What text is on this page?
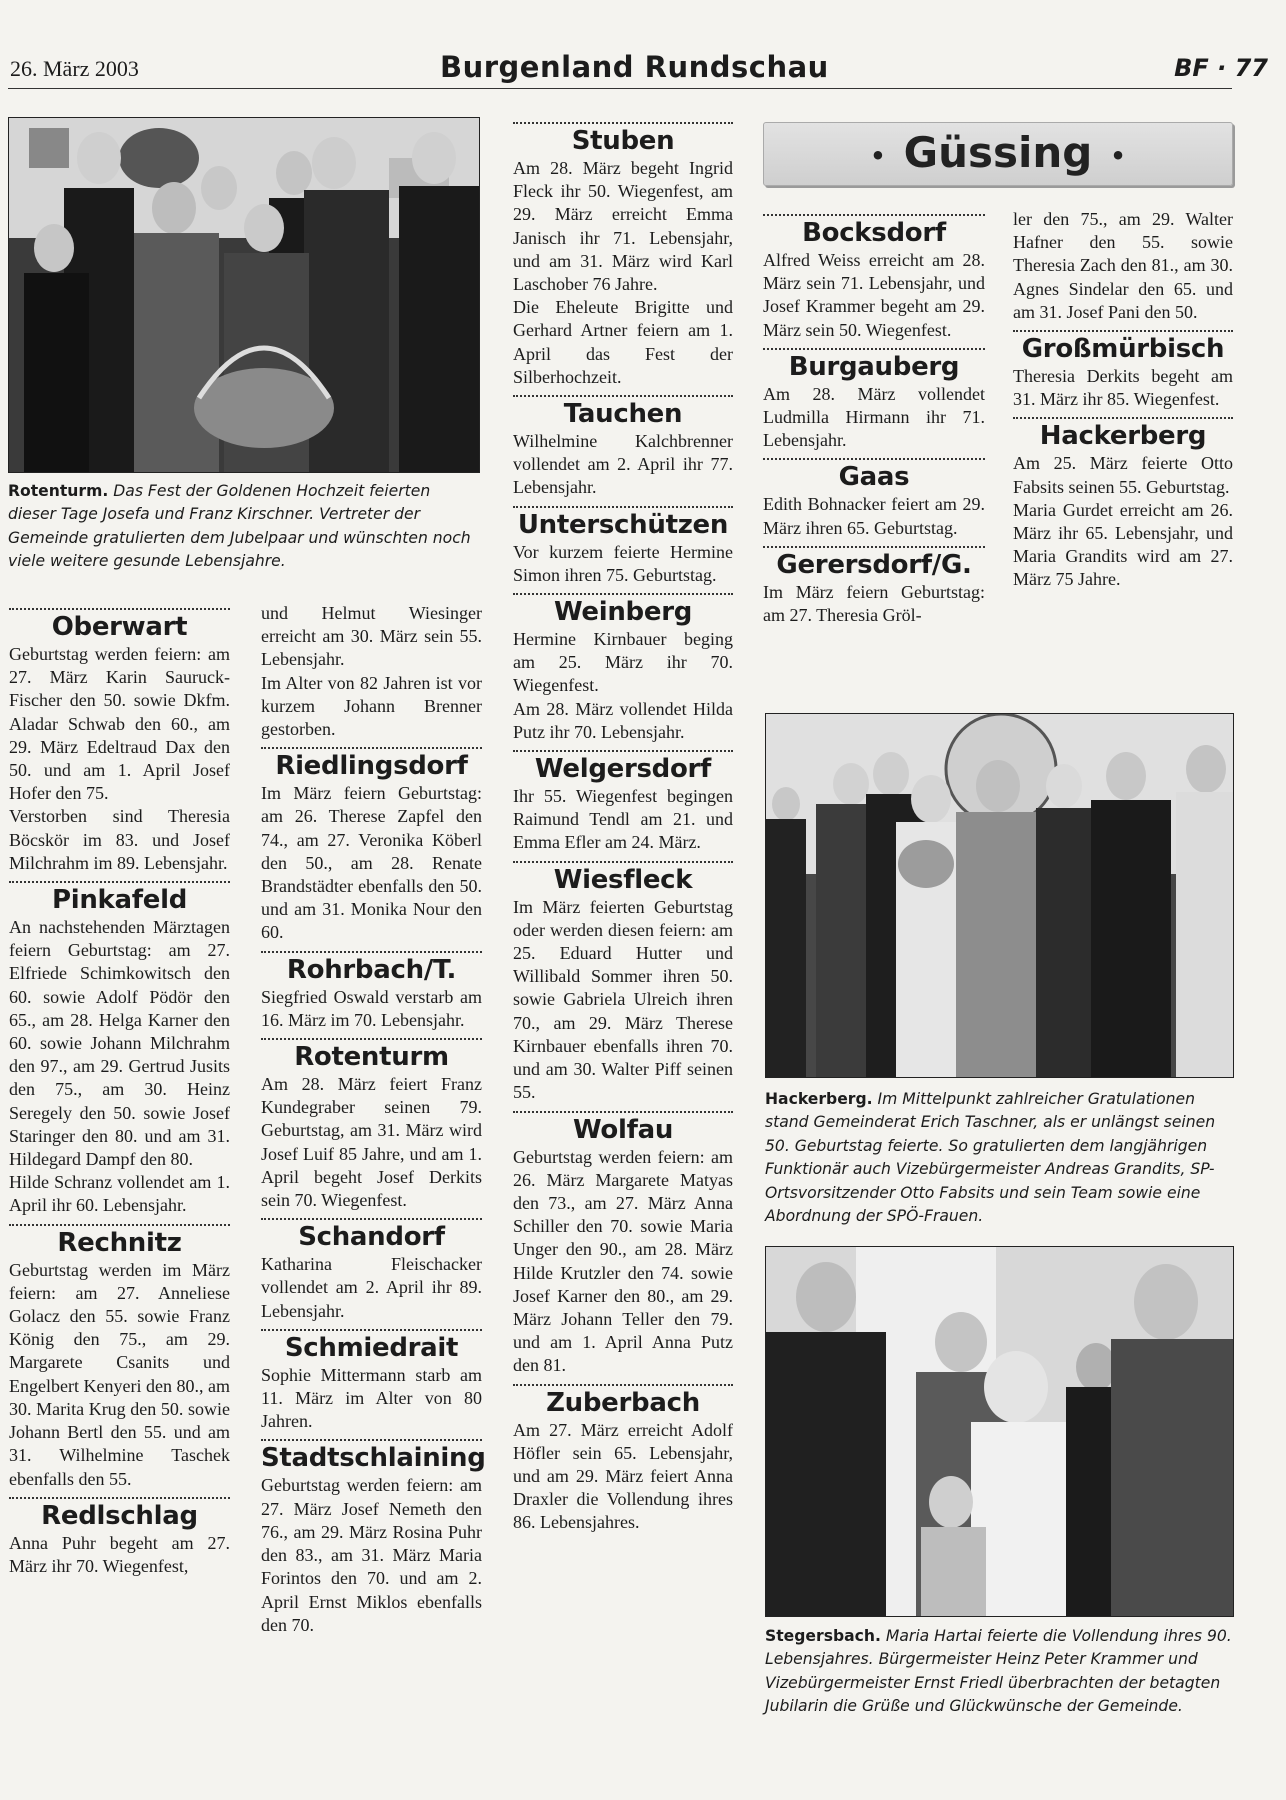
26. März 2003	Burgenland Rundschau	BF · 77
Rotenturm. Das Fest der Goldenen Hochzeit feierten dieser Tage Josefa und Franz Kirschner. Vertreter der Gemeinde gratulierten dem Jubelpaar und wünschten noch viele weitere gesunde Lebensjahre.
• Güssing •
Hackerberg. Im Mittelpunkt zahlreicher Gratulationen stand Gemeinderat Erich Taschner, als er unlängst seinen 50. Geburtstag feierte. So gratulierten dem langjährigen Funktionär auch Vizebürgermeister Andreas Grandits, SP-Ortsvorsitzender Otto Fabsits und sein Team sowie eine Abordnung der SPÖ-Frauen.
Stegersbach. Maria Hartai feierte die Vollendung ihres 90. Lebensjahres. Bürgermeister Heinz Peter Krammer und Vizebürgermeister Ernst Friedl überbrachten der betagten Jubilarin die Grüße und Glückwünsche der Gemeinde.
Oberwart
Geburtstag werden feiern: am 27. März Karin Sauruck-Fischer den 50. sowie Dkfm. Aladar Schwab den 60., am 29. März Edeltraud Dax den 50. und am 1. April Josef Hofer den 75.
Verstorben sind Theresia Böcskör im 83. und Josef Milchrahm im 89. Lebensjahr.
Pinkafeld
An nachstehenden Märztagen feiern Geburtstag: am 27. Elfriede Schimkowitsch den 60. sowie Adolf Pödör den 65., am 28. Helga Karner den 60. sowie Johann Milchrahm den 97., am 29. Gertrud Jusits den 75., am 30. Heinz Seregely den 50. sowie Josef Staringer den 80. und am 31. Hildegard Dampf den 80.
Hilde Schranz vollendet am 1. April ihr 60. Lebensjahr.
Rechnitz
Geburtstag werden im März feiern: am 27. Anneliese Golacz den 55. sowie Franz König den 75., am 29. Margarete Csanits und Engelbert Kenyeri den 80., am 30. Marita Krug den 50. sowie Johann Bertl den 55. und am 31. Wilhelmine Taschek ebenfalls den 55.
Redlschlag
Anna Puhr begeht am 27. März ihr 70. Wiegenfest,
und Helmut Wiesinger erreicht am 30. März sein 55. Lebensjahr.
Im Alter von 82 Jahren ist vor kurzem Johann Brenner gestorben.
Riedlingsdorf
Im März feiern Geburtstag: am 26. Therese Zapfel den 74., am 27. Veronika Köberl den 50., am 28. Renate Brandstädter ebenfalls den 50. und am 31. Monika Nour den 60.
Rohrbach/T.
Siegfried Oswald verstarb am 16. März im 70. Lebensjahr.
Rotenturm
Am 28. März feiert Franz Kundegraber seinen 79. Geburtstag, am 31. März wird Josef Luif 85 Jahre, und am 1. April begeht Josef Derkits sein 70. Wiegenfest.
Schandorf
Katharina Fleischacker vollendet am 2. April ihr 89. Lebensjahr.
Schmiedrait
Sophie Mittermann starb am 11. März im Alter von 80 Jahren.
Stadtschlaining
Geburtstag werden feiern: am 27. März Josef Nemeth den 76., am 29. März Rosina Puhr den 83., am 31. März Maria Forintos den 70. und am 2. April Ernst Miklos ebenfalls den 70.
Stuben
Am 28. März begeht Ingrid Fleck ihr 50. Wiegenfest, am 29. März erreicht Emma Janisch ihr 71. Lebensjahr, und am 31. März wird Karl Laschober 76 Jahre.
Die Eheleute Brigitte und Gerhard Artner feiern am 1. April das Fest der Silberhochzeit.
Tauchen
Wilhelmine Kalchbrenner vollendet am 2. April ihr 77. Lebensjahr.
Unterschützen
Vor kurzem feierte Hermine Simon ihren 75. Geburtstag.
Weinberg
Hermine Kirnbauer beging am 25. März ihr 70. Wiegenfest.
Am 28. März vollendet Hilda Putz ihr 70. Lebensjahr.
Welgersdorf
Ihr 55. Wiegenfest begingen Raimund Tendl am 21. und Emma Efler am 24. März.
Wiesfleck
Im März feierten Geburtstag oder werden diesen feiern: am 25. Eduard Hutter und Willibald Sommer ihren 50. sowie Gabriela Ulreich ihren 70., am 29. März Therese Kirnbauer ebenfalls ihren 70. und am 30. Walter Piff seinen 55.
Wolfau
Geburtstag werden feiern: am 26. März Margarete Matyas den 73., am 27. März Anna Schiller den 70. sowie Maria Unger den 90., am 28. März Hilde Krutzler den 74. sowie Josef Karner den 80., am 29. März Johann Teller den 79. und am 1. April Anna Putz den 81.
Zuberbach
Am 27. März erreicht Adolf Höfler sein 65. Lebensjahr, und am 29. März feiert Anna Draxler die Vollendung ihres 86. Lebensjahres.
Bocksdorf
Alfred Weiss erreicht am 28. März sein 71. Lebensjahr, und Josef Krammer begeht am 29. März sein 50. Wiegenfest.
Burgauberg
Am 28. März vollendet Ludmilla Hirmann ihr 71. Lebensjahr.
Gaas
Edith Bohnacker feiert am 29. März ihren 65. Geburtstag.
Gerersdorf/G.
Im März feiern Geburtstag: am 27. Theresia Gröl-
ler den 75., am 29. Walter Hafner den 55. sowie Theresia Zach den 81., am 30. Agnes Sindelar den 65. und am 31. Josef Pani den 50.
Großmürbisch
Theresia Derkits begeht am 31. März ihr 85. Wiegenfest.
Hackerberg
Am 25. März feierte Otto Fabsits seinen 55. Geburtstag.
Maria Gurdet erreicht am 26. März ihr 65. Lebensjahr, und Maria Grandits wird am 27. März 75 Jahre.
